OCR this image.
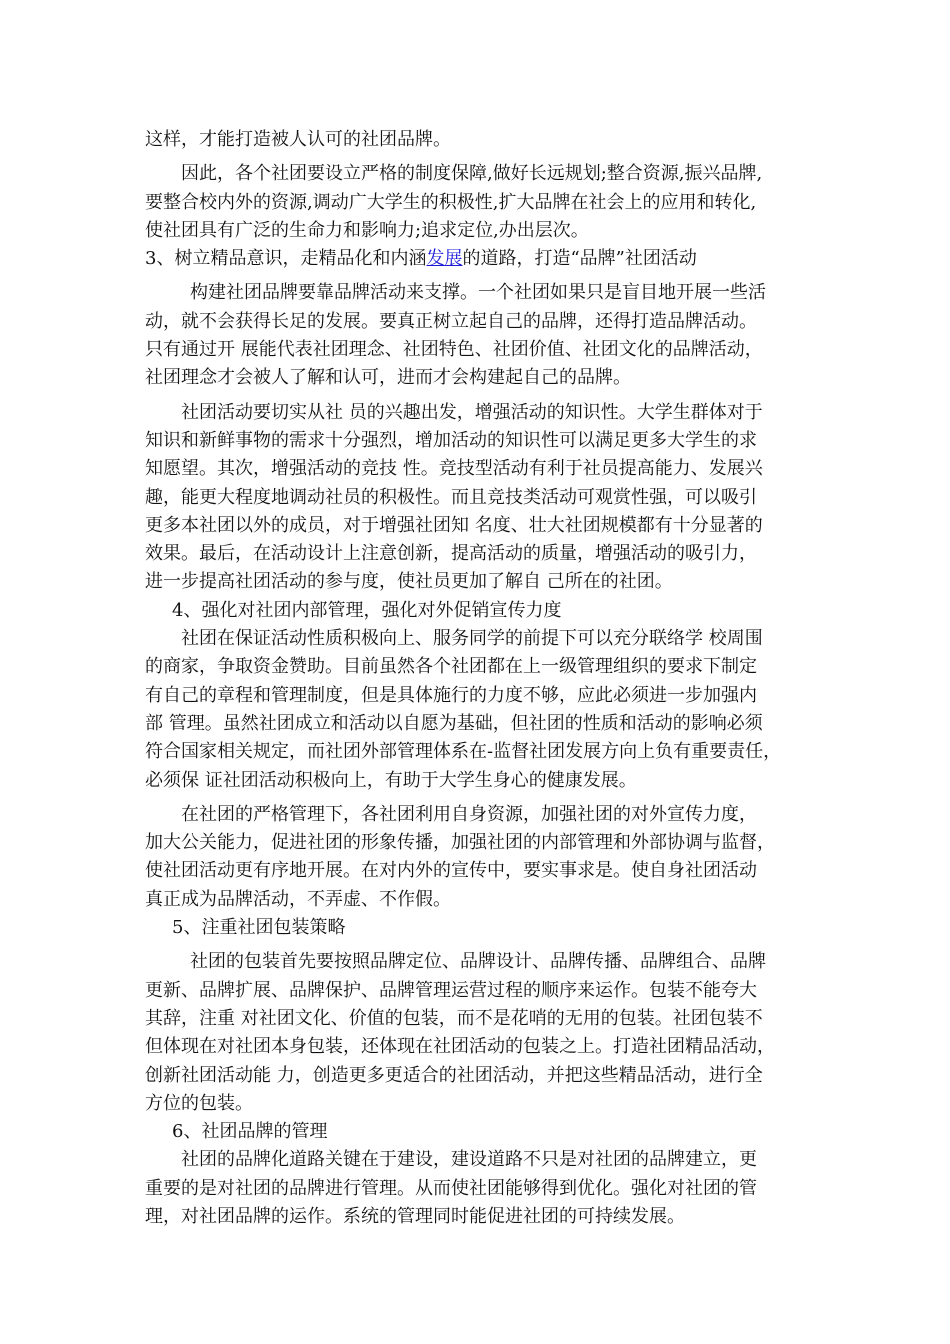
这样，才能打造被人认可的社团品牌。
因此，各个社团要设立严格的制度保障,做好长远规划;整合资源,振兴品牌,
要整合校内外的资源,调动广大学生的积极性,扩大品牌在社会上的应用和转化,
使社团具有广泛的生命力和影响力;追求定位,办出层次。
3、树立精品意识，走精品化和内涵发展的道路，打造“品牌”社团活动
构建社团品牌要靠品牌活动来支撑。一个社团如果只是盲目地开展一些活
动，就不会获得长足的发展。要真正树立起自己的品牌，还得打造品牌活动。
只有通过开 展能代表社团理念、社团特色、社团价值、社团文化的品牌活动，
社团理念才会被人了解和认可，进而才会构建起自己的品牌。
社团活动要切实从社 员的兴趣出发，增强活动的知识性。大学生群体对于
知识和新鲜事物的需求十分强烈，增加活动的知识性可以满足更多大学生的求
知愿望。其次，增强活动的竞技 性。竞技型活动有利于社员提高能力、发展兴
趣，能更大程度地调动社员的积极性。而且竞技类活动可观赏性强，可以吸引
更多本社团以外的成员，对于增强社团知 名度、壮大社团规模都有十分显著的
效果。最后，在活动设计上注意创新，提高活动的质量，增强活动的吸引力，
进一步提高社团活动的参与度，使社员更加了解自 己所在的社团。
4、强化对社团内部管理，强化对外促销宣传力度
社团在保证活动性质积极向上、服务同学的前提下可以充分联络学 校周围
的商家，争取资金赞助。目前虽然各个社团都在上一级管理组织的要求下制定
有自己的章程和管理制度，但是具体施行的力度不够，应此必须进一步加强内
部 管理。虽然社团成立和活动以自愿为基础，但社团的性质和活动的影响必须
符合国家相关规定，而社团外部管理体系在-监督社团发展方向上负有重要责任，
必须保 证社团活动积极向上，有助于大学生身心的健康发展。
在社团的严格管理下，各社团利用自身资源，加强社团的对外宣传力度，
加大公关能力，促进社团的形象传播，加强社团的内部管理和外部协调与监督，
使社团活动更有序地开展。在对内外的宣传中，要实事求是。使自身社团活动
真正成为品牌活动，不弄虚、不作假。
5、注重社团包装策略
社团的包装首先要按照品牌定位、品牌设计、品牌传播、品牌组合、品牌
更新、品牌扩展、品牌保护、品牌管理运营过程的顺序来运作。包装不能夸大
其辞，注重 对社团文化、价值的包装，而不是花哨的无用的包装。社团包装不
但体现在对社团本身包装，还体现在社团活动的包装之上。打造社团精品活动，
创新社团活动能 力，创造更多更适合的社团活动，并把这些精品活动，进行全
方位的包装。
6、社团品牌的管理
社团的品牌化道路关键在于建设，建设道路不只是对社团的品牌建立，更
重要的是对社团的品牌进行管理。从而使社团能够得到优化。强化对社团的管
理，对社团品牌的运作。系统的管理同时能促进社团的可持续发展。
